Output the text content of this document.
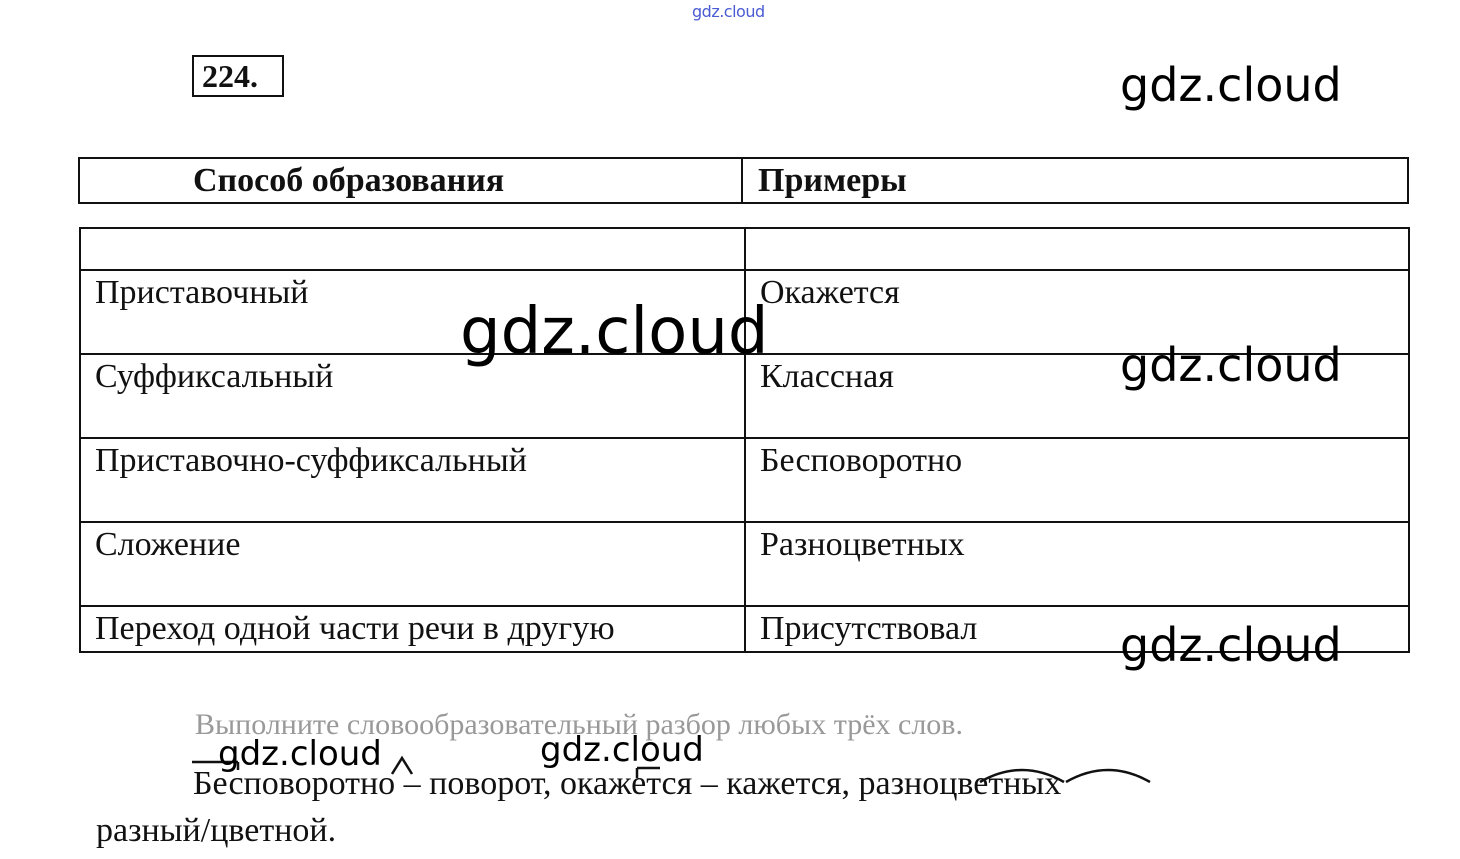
gdz.cloud
224.
Способ образования	Примеры
Приставочный	Окажется
Суффиксальный	Классная
Приставочно-суффиксальный	Бесповоротно
Сложение	Разноцветных
Переход одной части речи в другую	Присутствовал
Выполните словообразовательный разбор любых трёх слов.
Бесповоротно – поворот, окажется – кажется, разноцветных
разный/цветной.
gdz.cloud
gdz.cloud	gdz.cloud
gdz.cloud
gdz.cloud	gdz.cloud
